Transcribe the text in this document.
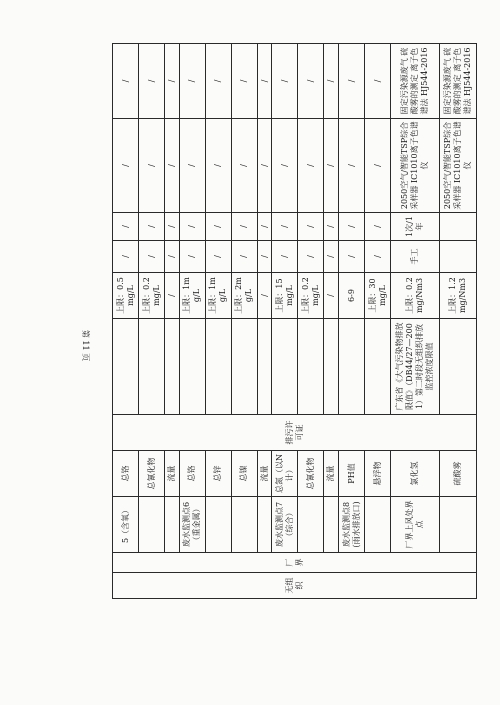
无组织	厂界	5（含氧）	总铬	排污许可证		上限：0.5mg/L	/	/	/	/
			总氰化物			上限：0.2mg/L	/	/	/	/
			流量			/	/	/	/	/
		废水监测点6（重金属）	总铬			上限：1mg/L	/	/	/	/
			总锌			上限：1mg/L	/	/	/	/
			总镍			上限：2mg/L	/	/	/	/
			流量			/	/	/	/	/
		废水监测点7（综合）	总氮（以N计）			上限：15mg/L	/	/	/	/
			总氰化物			上限：0.2mg/L	/	/	/	/
			流量			/	/	/	/	/
		废水监测点8(雨水排放口)	PH值			6-9	/	/	/	/
			悬浮物			上限：30mg/L	/	/	/	/
		厂界上风处界点	氯化氢		广东省《大气污染物排放限值》（DB44/27—2001）第二时段无组织排放监控浓度限值	上限：0.2mg/Nm3	手工	1次/1年	2050空气/智能TSP综合采样器 IC1010离子色谱仪	固定污染源废气 硫酸雾的测定 离子色谱法 HJ544-2016
			硫酸雾			上限：1.2mg/Nm3			2050空气/智能TSP综合采样器 IC1010离子色谱仪	固定污染源废气 硫酸雾的测定 离子色谱法 HJ544-2016
第 11 页
